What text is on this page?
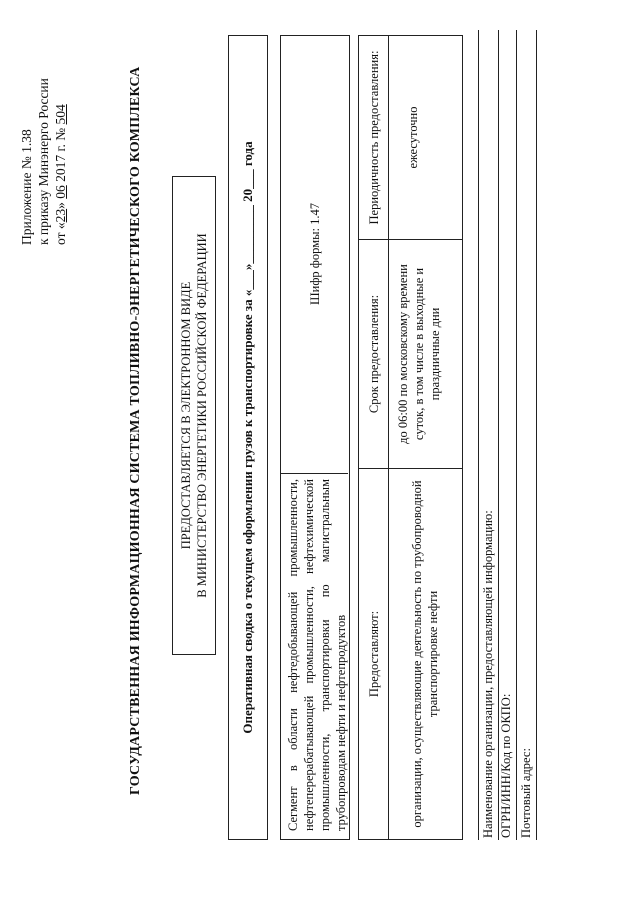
Приложение № 1.38 к приказу Минэнерго России от «23» 06 2017 г. № 504	ГОСУДАРСТВЕННАЯ ИНФОРМАЦИОННАЯ СИСТЕМА ТОПЛИВНО-ЭНЕРГЕТИЧЕСКОГО КОМПЛЕКСА	ПРЕДОСТАВЛЯЕТСЯ В ЭЛЕКТРОННОМ ВИДЕ В МИНИСТЕРСТВО ЭНЕРГЕТИКИ РОССИЙСКОЙ ФЕДЕРАЦИИ Оперативная сводка о текущем оформлении грузов к транспортировке за «___»_________ 20___ года Сегмент в области нефтедобывающей промышленности, нефтеперерабатывающей промышленности, нефтехимической промышленности, транспортировки по магистральным трубопроводам нефти и нефтепродуктов
Шифр формы: 1.47
Предоставляют:
Срок предоставления:
Периодичность предоставления:
организации, осуществляющие деятельность по трубопроводной транспортировке нефти
до 06:00 по московскому времени суток, в том числе в выходные и праздничные дни
ежесуточно
Наименование организации, предоставляющей информацию: ОГРН/ИНН/Код по ОКПО: Почтовый адрес:
